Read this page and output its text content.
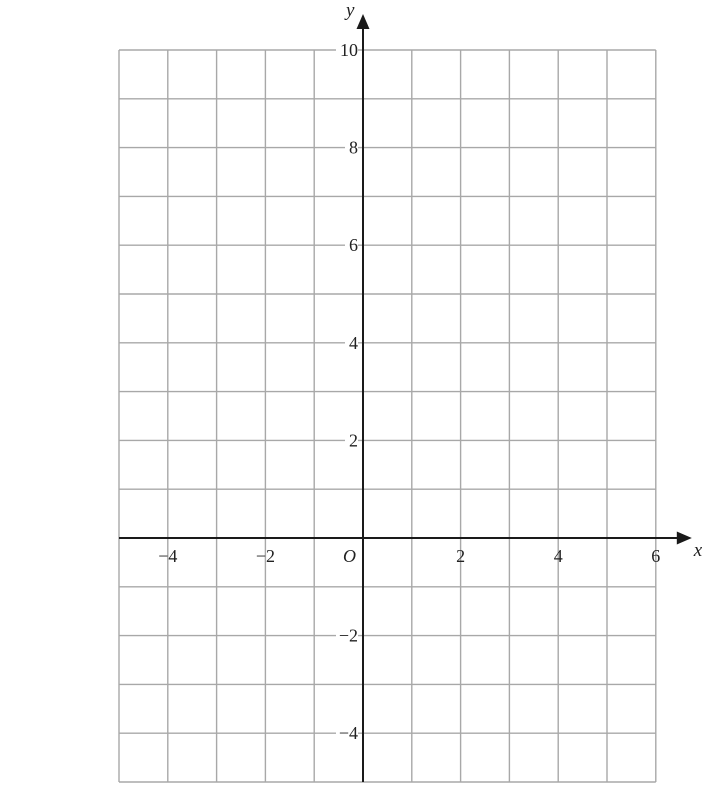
−4	−2	2	4	6
10
8
6
4
2
−2
−4
x
y
O
